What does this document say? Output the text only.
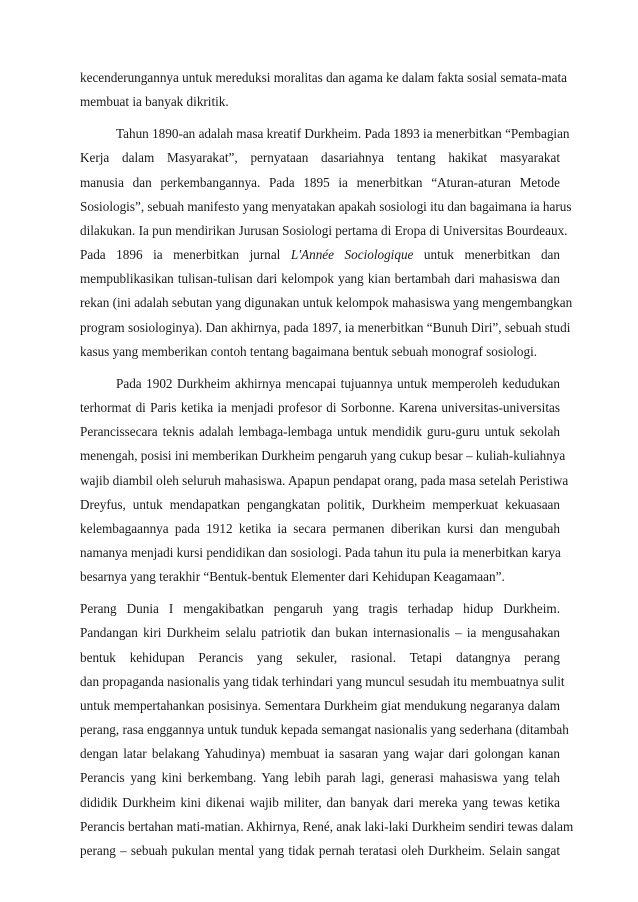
kecenderungannya untuk mereduksi moralitas dan agama ke dalam fakta sosial semata-mata
membuat ia banyak dikritik.

Tahun 1890-an adalah masa kreatif Durkheim. Pada 1893 ia menerbitkan “Pembagian
Kerja dalam Masyarakat”, pernyataan dasariahnya tentang hakikat masyarakat
manusia dan perkembangannya. Pada 1895 ia menerbitkan “Aturan-aturan Metode
Sosiologis”, sebuah manifesto yang menyatakan apakah sosiologi itu dan bagaimana ia harus
dilakukan. Ia pun mendirikan Jurusan Sosiologi pertama di Eropa di Universitas Bourdeaux.
Pada 1896 ia menerbitkan jurnal L'Année Sociologique untuk menerbitkan dan
mempublikasikan tulisan-tulisan dari kelompok yang kian bertambah dari mahasiswa dan
rekan (ini adalah sebutan yang digunakan untuk kelompok mahasiswa yang mengembangkan
program sosiologinya). Dan akhirnya, pada 1897, ia menerbitkan “Bunuh Diri”, sebuah studi
kasus yang memberikan contoh tentang bagaimana bentuk sebuah monograf sosiologi.

Pada 1902 Durkheim akhirnya mencapai tujuannya untuk memperoleh kedudukan
terhormat di Paris ketika ia menjadi profesor di Sorbonne. Karena universitas-universitas
Perancissecara teknis adalah lembaga-lembaga untuk mendidik guru-guru untuk sekolah
menengah, posisi ini memberikan Durkheim pengaruh yang cukup besar – kuliah-kuliahnya
wajib diambil oleh seluruh mahasiswa. Apapun pendapat orang, pada masa setelah Peristiwa
Dreyfus, untuk mendapatkan pengangkatan politik, Durkheim memperkuat kekuasaan
kelembagaannya pada 1912 ketika ia secara permanen diberikan kursi dan mengubah
namanya menjadi kursi pendidikan dan sosiologi. Pada tahun itu pula ia menerbitkan karya
besarnya yang terakhir “Bentuk-bentuk Elementer dari Kehidupan Keagamaan”.

Perang Dunia I mengakibatkan pengaruh yang tragis terhadap hidup Durkheim.
Pandangan kiri Durkheim selalu patriotik dan bukan internasionalis – ia mengusahakan
bentuk kehidupan Perancis yang sekuler, rasional. Tetapi datangnya perang
dan propaganda nasionalis yang tidak terhindari yang muncul sesudah itu membuatnya sulit
untuk mempertahankan posisinya. Sementara Durkheim giat mendukung negaranya dalam
perang, rasa enggannya untuk tunduk kepada semangat nasionalis yang sederhana (ditambah
dengan latar belakang Yahudinya) membuat ia sasaran yang wajar dari golongan kanan
Perancis yang kini berkembang. Yang lebih parah lagi, generasi mahasiswa yang telah
dididik Durkheim kini dikenai wajib militer, dan banyak dari mereka yang tewas ketika
Perancis bertahan mati-matian. Akhirnya, René, anak laki-laki Durkheim sendiri tewas dalam
perang – sebuah pukulan mental yang tidak pernah teratasi oleh Durkheim. Selain sangat
